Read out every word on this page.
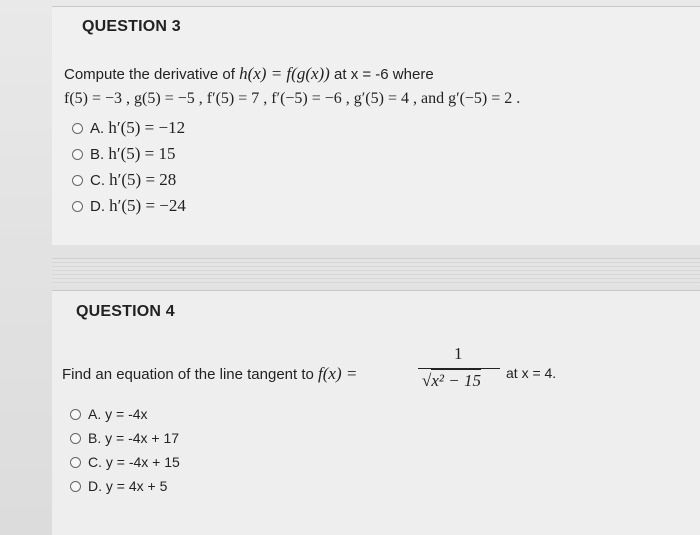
QUESTION 3
Compute the derivative of h(x) = f(g(x)) at x = -6 where
f(5) = −3 , g(5) = −5 , f′(5) = 7 , f′(−5) = −6 , g′(5) = 4 , and g′(−5) = 2 .
A.
h′(5) = −12
B.
h′(5) = 15
C.
h′(5) = 28
D.
h′(5) = −24
QUESTION 4
Find an equation of the line tangent to f(x) =
1
√x² − 15 at x = 4.
A.
y = -4x
B.
y = -4x + 17
C.
y = -4x + 15
D.
y = 4x + 5
